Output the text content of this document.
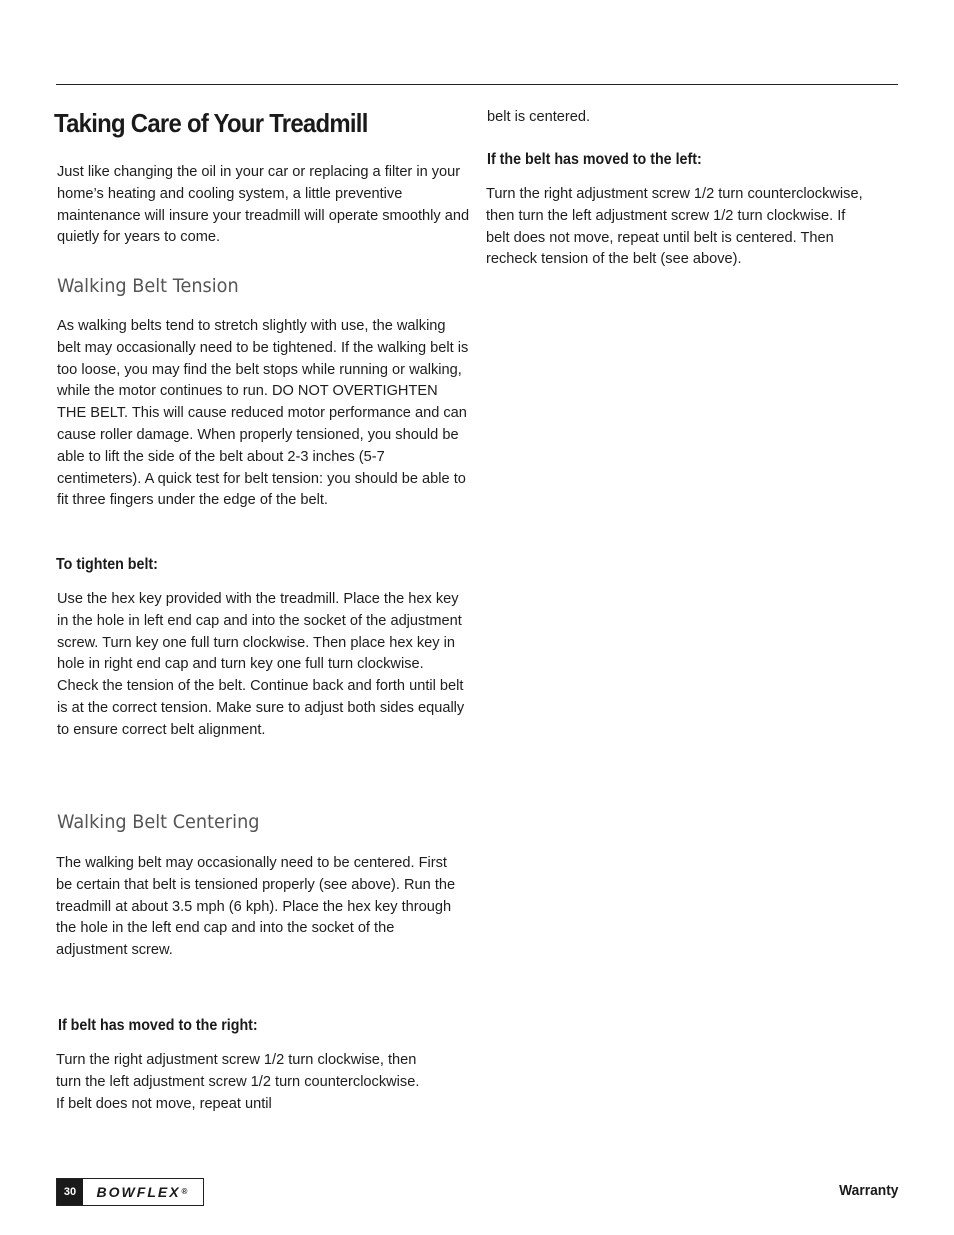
Taking Care of Your Treadmill

Just like changing the oil in your car or replacing a filter in your home’s heating and cooling system, a little preventive maintenance will insure your treadmill will operate smoothly and quietly for years to come.

Walking Belt Tension

As walking belts tend to stretch slightly with use, the walking belt may occasionally need to be tightened. If the walking belt is too loose, you may find the belt stops while running or walking, while the motor continues to run. DO NOT OVERTIGHTEN THE BELT. This will cause reduced motor performance and can cause roller damage. When properly tensioned, you should be able to lift the side of the belt about 2-3 inches (5-7 centimeters). A quick test for belt tension: you should be able to fit three fingers under the edge of the belt.

To tighten belt:

Use the hex key provided with the treadmill. Place the hex key in the hole in left end cap and into the socket of the adjustment screw. Turn key one full turn clockwise. Then place hex key in hole in right end cap and turn key one full turn clockwise. Check the tension of the belt. Continue back and forth until belt is at the correct tension. Make sure to adjust both sides equally to ensure correct belt alignment.

Walking Belt Centering

The walking belt may occasionally need to be centered. First be certain that belt is tensioned properly (see above). Run the treadmill at about 3.5 mph (6 kph). Place the hex key through the hole in the left end cap and into the socket of the adjustment screw.

If belt has moved to the right:

Turn the right adjustment screw 1/2 turn clockwise, then turn the left adjustment screw 1/2 turn counterclockwise. If belt does not move, repeat until

belt is centered.

If the belt has moved to the left:

Turn the right adjustment screw 1/2 turn counterclockwise, then turn the left adjustment screw 1/2 turn clockwise. If belt does not move, repeat until belt is centered. Then recheck tension of the belt (see above).

30	BOWFLEX ®	Warranty
